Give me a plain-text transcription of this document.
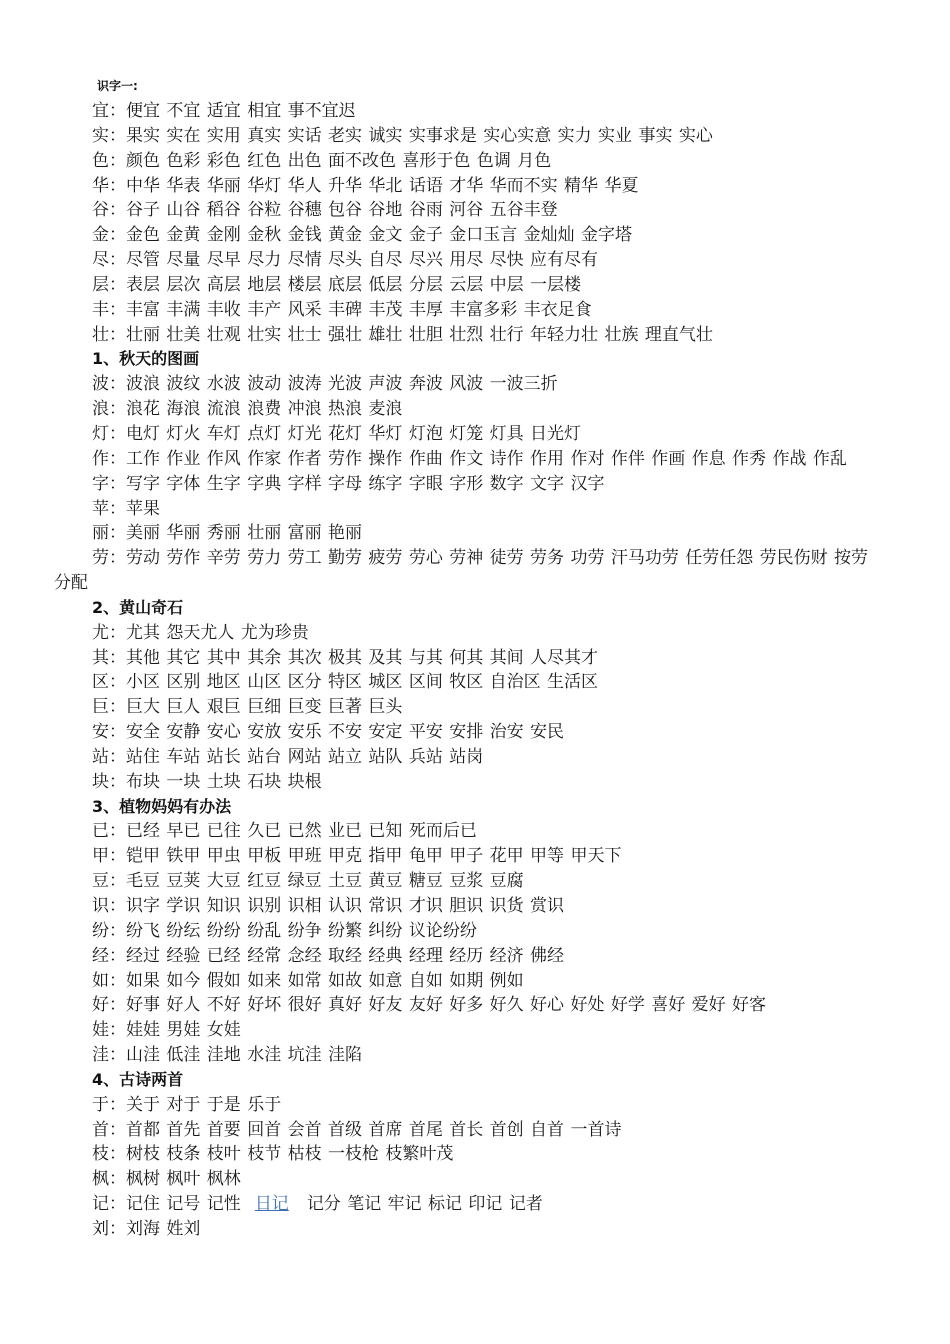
识字一:
宜：便宜 不宜 适宜 相宜 事不宜迟
实：果实 实在 实用 真实 实话 老实 诚实 实事求是 实心实意 实力 实业 事实 实心
色：颜色 色彩 彩色 红色 出色 面不改色 喜形于色 色调 月色
华：中华 华表 华丽 华灯 华人 升华 华北 话语 才华 华而不实 精华 华夏
谷：谷子 山谷 稻谷 谷粒 谷穗 包谷 谷地 谷雨 河谷 五谷丰登
金：金色 金黄 金刚 金秋 金钱 黄金 金文 金子 金口玉言 金灿灿 金字塔
尽：尽管 尽量 尽早 尽力 尽情 尽头 自尽 尽兴 用尽 尽快 应有尽有
层：表层 层次 高层 地层 楼层 底层 低层 分层 云层 中层 一层楼
丰：丰富 丰满 丰收 丰产 风采 丰碑 丰茂 丰厚 丰富多彩 丰衣足食
壮：壮丽 壮美 壮观 壮实 壮士 强壮 雄壮 壮胆 壮烈 壮行 年轻力壮 壮族 理直气壮
1、秋天的图画
波：波浪 波纹 水波 波动 波涛 光波 声波 奔波 风波 一波三折
浪：浪花 海浪 流浪 浪费 冲浪 热浪 麦浪
灯：电灯 灯火 车灯 点灯 灯光 花灯 华灯 灯泡 灯笼 灯具 日光灯
作：工作 作业 作风 作家 作者 劳作 操作 作曲 作文 诗作 作用 作对 作伴 作画 作息 作秀 作战 作乱
字：写字 字体 生字 字典 字样 字母 练字 字眼 字形 数字 文字 汉字
苹：苹果
丽：美丽 华丽 秀丽 壮丽 富丽 艳丽
劳：劳动 劳作 辛劳 劳力 劳工 勤劳 疲劳 劳心 劳神 徒劳 劳务 功劳 汗马功劳 任劳任怨 劳民伤财 按劳分配
2、黄山奇石
尤：尤其 怨天尤人 尤为珍贵
其：其他 其它 其中 其余 其次 极其 及其 与其 何其 其间 人尽其才
区：小区 区别 地区 山区 区分 特区 城区 区间 牧区 自治区 生活区
巨：巨大 巨人 艰巨 巨细 巨变 巨著 巨头
安：安全 安静 安心 安放 安乐 不安 安定 平安 安排 治安 安民
站：站住 车站 站长 站台 网站 站立 站队 兵站 站岗
块：布块 一块 土块 石块 块根
3、植物妈妈有办法
已：已经 早已 已往 久已 已然 业已 已知 死而后已
甲：铠甲 铁甲 甲虫 甲板 甲班 甲克 指甲 龟甲 甲子 花甲 甲等 甲天下
豆：毛豆 豆荚 大豆 红豆 绿豆 土豆 黄豆 糖豆 豆浆 豆腐
识：识字 学识 知识 识别 识相 认识 常识 才识 胆识 识货 赏识
纷：纷飞 纷纭 纷纷 纷乱 纷争 纷繁 纠纷 议论纷纷
经：经过 经验 已经 经常 念经 取经 经典 经理 经历 经济 佛经
如：如果 如今 假如 如来 如常 如故 如意 自如 如期 例如
好：好事 好人 不好 好坏 很好 真好 好友 友好 好多 好久 好心 好处 好学 喜好 爱好 好客
娃：娃娃 男娃 女娃
洼：山洼 低洼 洼地 水洼 坑洼 洼陷
4、古诗两首
于：关于 对于 于是 乐于
首：首都 首先 首要 回首 会首 首级 首席 首尾 首长 首创 自首 一首诗
枝：树枝 枝条 枝叶 枝节 枯枝 一枝枪 枝繁叶茂
枫：枫树 枫叶 枫林
记：记住 记号 记性 日记 记分 笔记 牢记 标记 印记 记者
刘：刘海 姓刘
